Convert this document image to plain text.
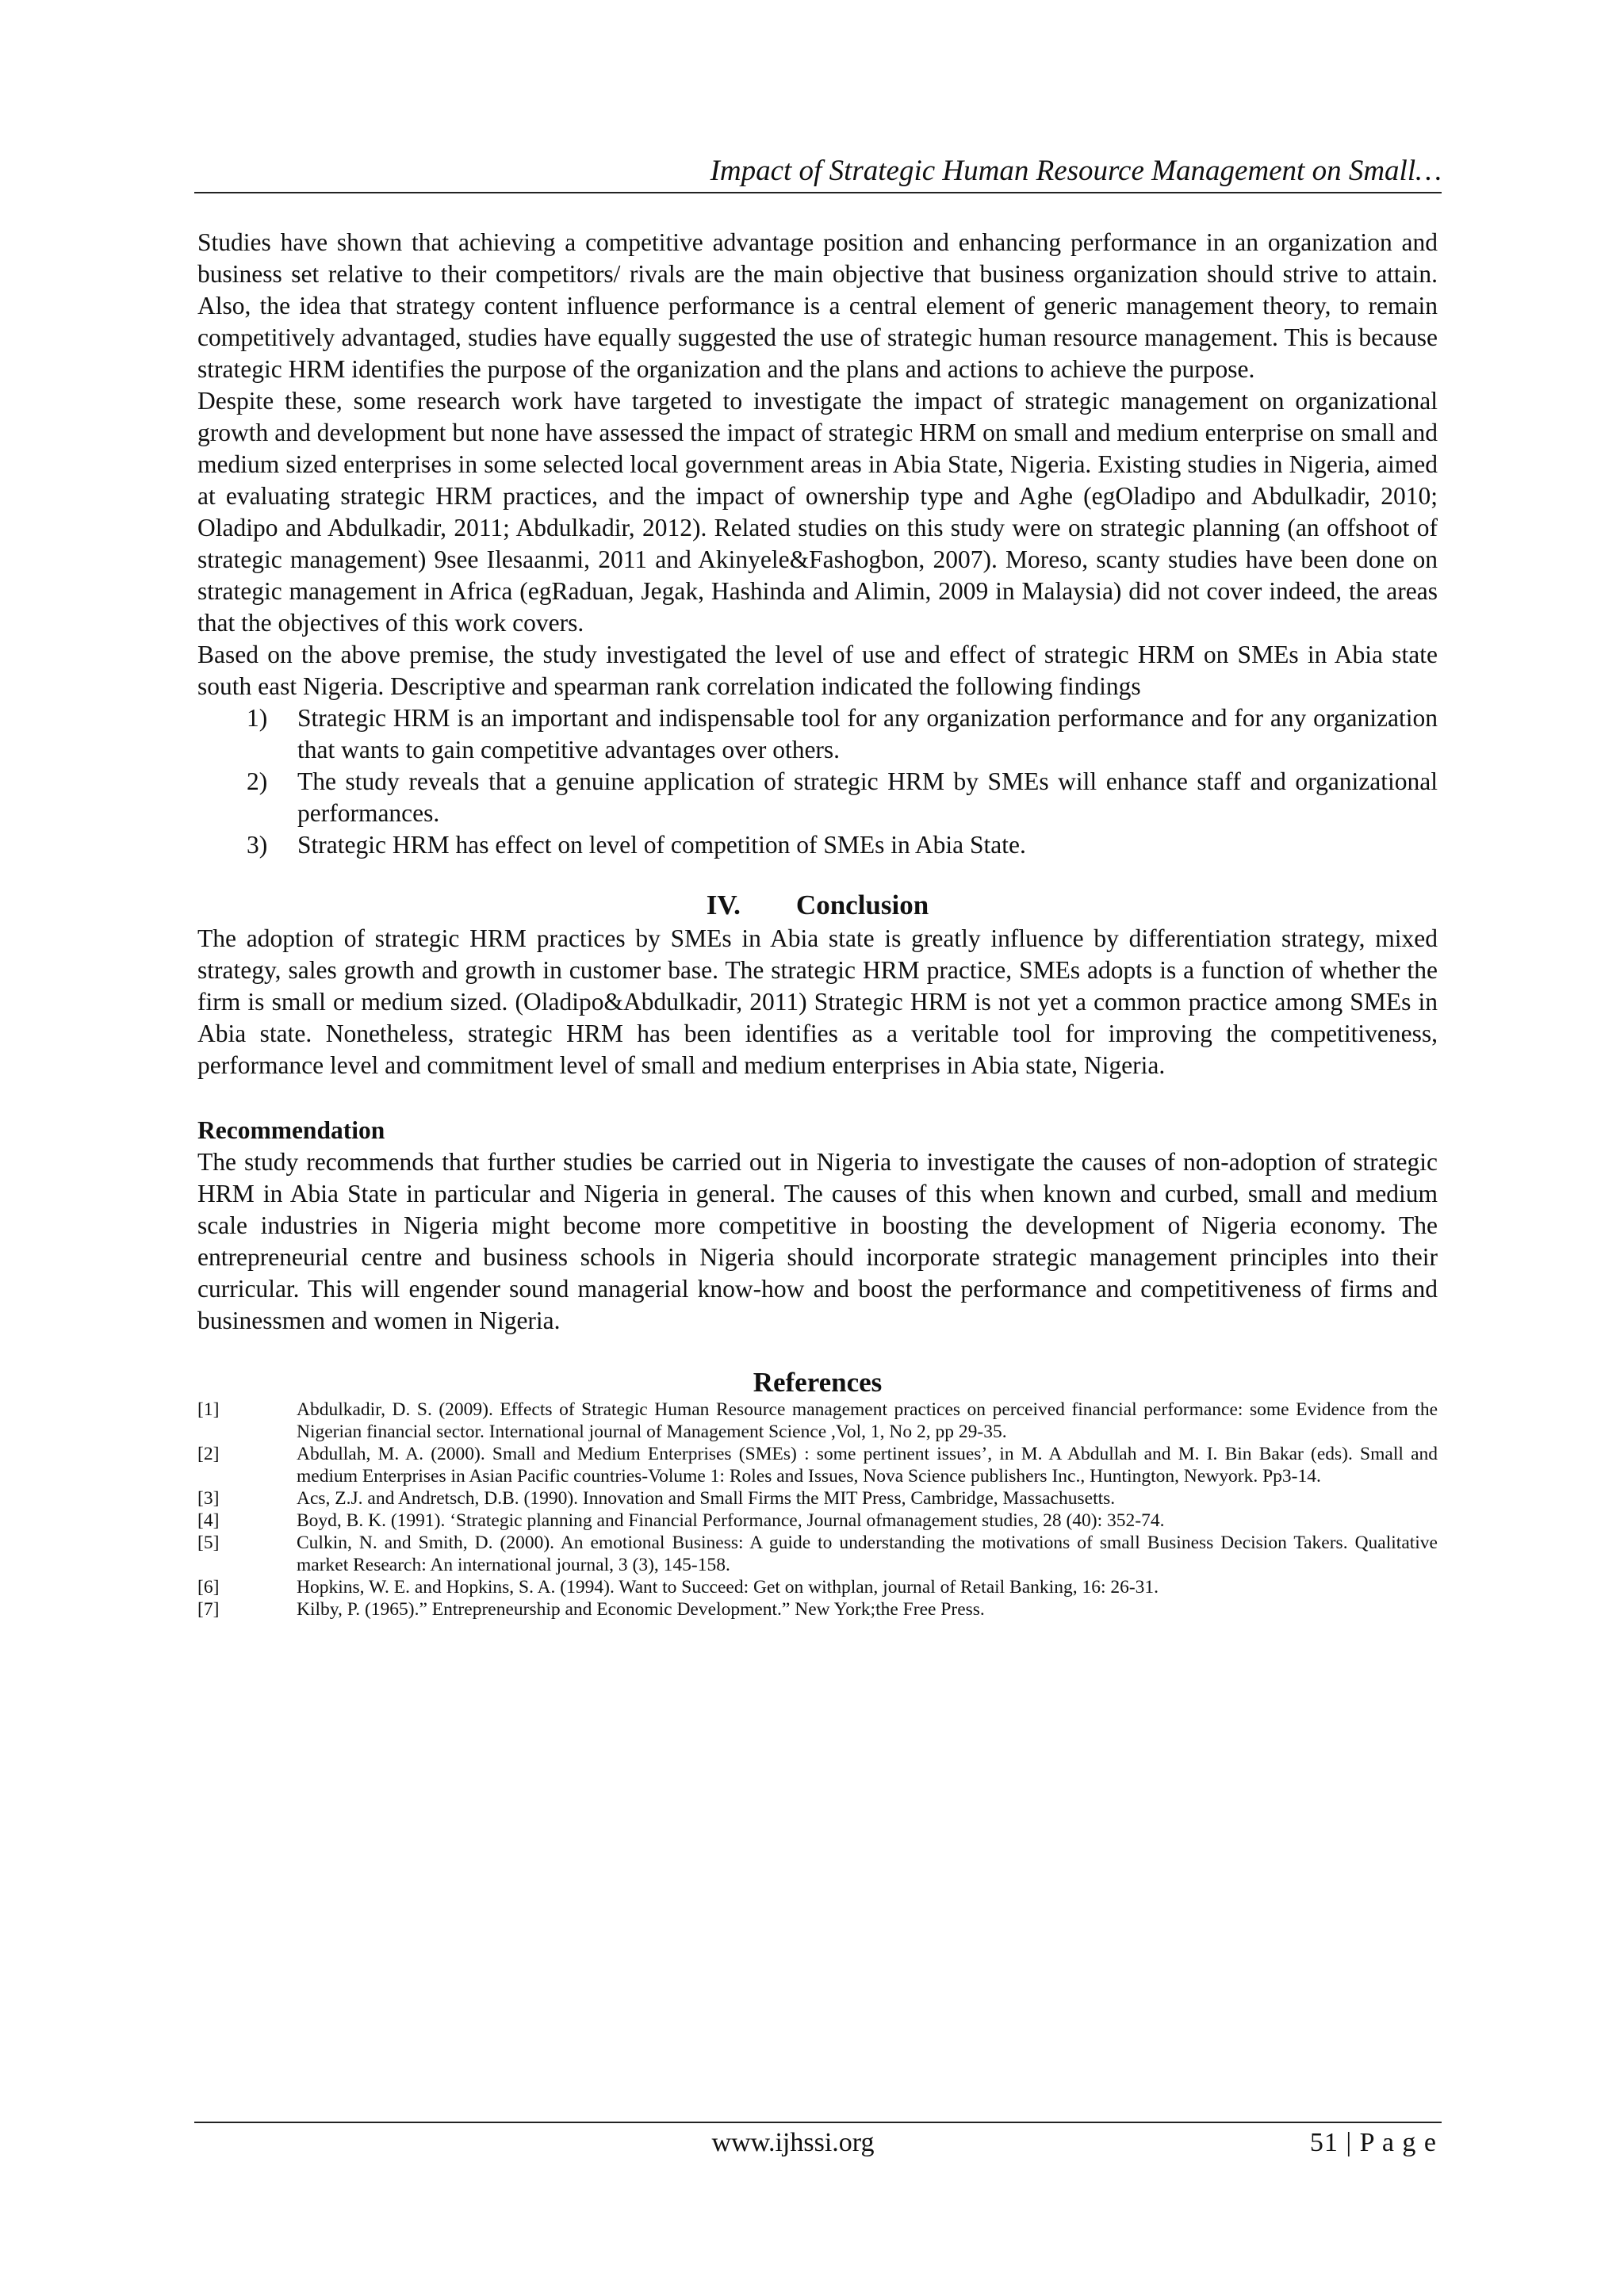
Impact of Strategic Human Resource Management on Small…

Studies have shown that achieving a competitive advantage position and enhancing performance in an organization and business set relative to their competitors/ rivals are the main objective that business organization should strive to attain. Also, the idea that strategy content influence performance is a central element of generic management theory, to remain competitively advantaged, studies have equally suggested the use of strategic human resource management. This is because strategic HRM identifies the purpose of the organization and the plans and actions to achieve the purpose.

Despite these, some research work have targeted to investigate the impact of strategic management on organizational growth and development but none have assessed the impact of strategic HRM on small and medium enterprise on small and medium sized enterprises in some selected local government areas in Abia State, Nigeria. Existing studies in Nigeria, aimed at evaluating strategic HRM practices, and the impact of ownership type and Aghe (egOladipo and Abdulkadir, 2010; Oladipo and Abdulkadir, 2011; Abdulkadir, 2012). Related studies on this study were on strategic planning (an offshoot of strategic management) 9see Ilesaanmi, 2011 and Akinyele&Fashogbon, 2007). Moreso, scanty studies have been done on strategic management in Africa (egRaduan, Jegak, Hashinda and Alimin, 2009 in Malaysia) did not cover indeed, the areas that the objectives of this work covers.

Based on the above premise, the study investigated the level of use and effect of strategic HRM on SMEs in Abia state south east Nigeria. Descriptive and spearman rank correlation indicated the following findings

1) Strategic HRM is an important and indispensable tool for any organization performance and for any organization that wants to gain competitive advantages over others.
2) The study reveals that a genuine application of strategic HRM by SMEs will enhance staff and organizational performances.
3) Strategic HRM has effect on level of competition of SMEs in Abia State.
IV. Conclusion

The adoption of strategic HRM practices by SMEs in Abia state is greatly influence by differentiation strategy, mixed strategy, sales growth and growth in customer base. The strategic HRM practice, SMEs adopts is a function of whether the firm is small or medium sized. (Oladipo&Abdulkadir, 2011) Strategic HRM is not yet a common practice among SMEs in Abia state. Nonetheless, strategic HRM has been identifies as a veritable tool for improving the competitiveness, performance level and commitment level of small and medium enterprises in Abia state, Nigeria.

Recommendation

The study recommends that further studies be carried out in Nigeria to investigate the causes of non-adoption of strategic HRM in Abia State in particular and Nigeria in general. The causes of this when known and curbed, small and medium scale industries in Nigeria might become more competitive in boosting the development of Nigeria economy. The entrepreneurial centre and business schools in Nigeria should incorporate strategic management principles into their curricular. This will engender sound managerial know-how and boost the performance and competitiveness of firms and businessmen and women in Nigeria.

References
[1]	Abdulkadir, D. S. (2009). Effects of Strategic Human Resource management practices on perceived financial performance: some Evidence from the Nigerian financial sector. International journal of Management Science ,Vol, 1, No 2, pp 29-35.
[2]	Abdullah, M. A. (2000). Small and Medium Enterprises (SMEs) : some pertinent issues’, in M. A Abdullah and M. I. Bin Bakar (eds). Small and medium Enterprises in Asian Pacific countries-Volume 1: Roles and Issues, Nova Science publishers Inc., Huntington, Newyork. Pp3-14.
[3]	Acs, Z.J. and Andretsch, D.B. (1990). Innovation and Small Firms the MIT Press, Cambridge, Massachusetts.
[4]	Boyd, B. K. (1991). ‘Strategic planning and Financial Performance, Journal ofmanagement studies, 28 (40): 352-74.
[5]	Culkin, N. and Smith, D. (2000). An emotional Business: A guide to understanding the motivations of small Business Decision Takers. Qualitative market Research: An international journal, 3 (3), 145-158.
[6]	Hopkins, W. E. and Hopkins, S. A. (1994). Want to Succeed: Get on withplan, journal of Retail Banking, 16: 26-31.
[7]	Kilby, P. (1965).” Entrepreneurship and Economic Development.” New York;the Free Press.
www.ijhssi.org	51 | P a g e
